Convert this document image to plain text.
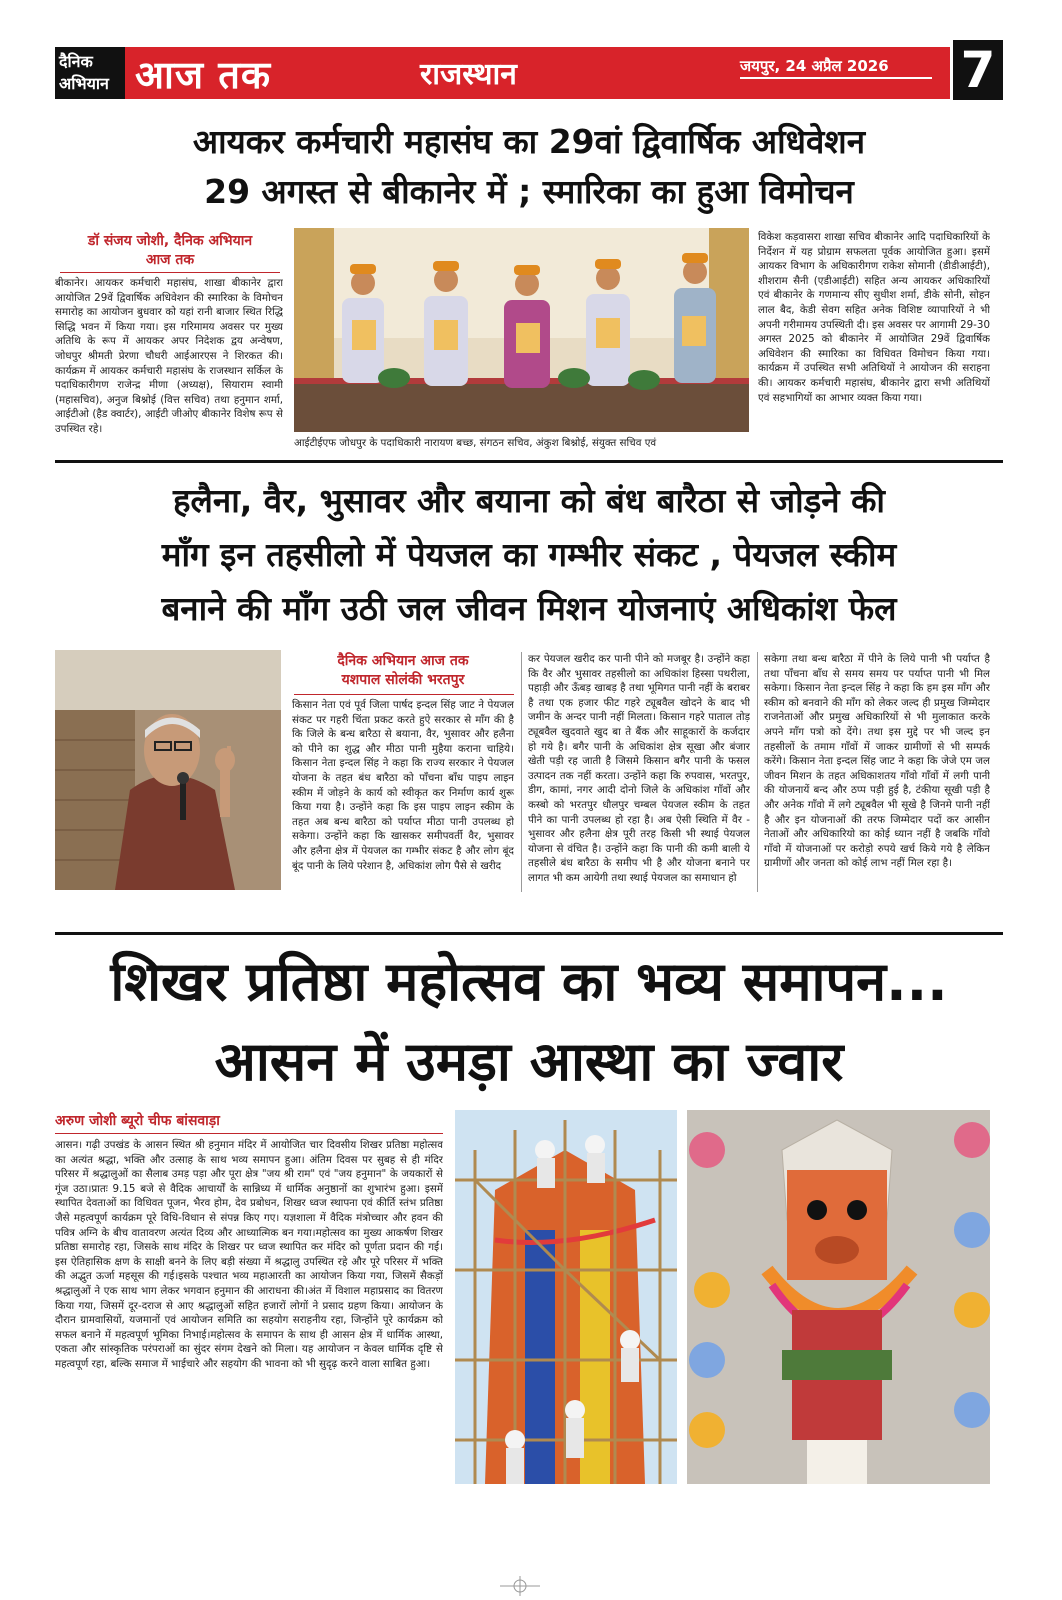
दैनिक
अभियान आज तक	राजस्थान	जयपुर, 24 अप्रैल 2026 7
आयकर कर्मचारी महासंघ का 29वां द्विवार्षिक अधिवेशन
29 अगस्त से बीकानेर में ; स्मारिका का हुआ विमोचन
डॉ संजय जोशी, दैनिक अभियान
आज तक
बीकानेर। आयकर कर्मचारी महासंघ, शाखा बीकानेर द्वारा आयोजित 29वें द्विवार्षिक अधिवेशन की स्मारिका के विमोचन समारोह का आयोजन बुधवार को यहां रानी बाजार स्थित रिद्धि सिद्धि भवन में किया गया। इस गरिमामय अवसर पर मुख्य अतिथि के रूप में आयकर अपर निदेशक द्वय अन्वेषण, जोधपुर श्रीमती प्रेरणा चौधरी आईआरएस ने शिरकत की। कार्यक्रम में आयकर कर्मचारी महासंघ के राजस्थान सर्किल के पदाधिकारीगण राजेन्द्र मीणा (अध्यक्ष), सियाराम स्वामी (महासचिव), अनुज बिश्नोई (वित्त सचिव) तथा हनुमान शर्मा, आईटीओ (हैड क्वार्टर), आईटी जीओए बीकानेर विशेष रूप से उपस्थित रहे।
आईटीईएफ जोधपुर के पदाधिकारी नारायण बच्छ, संगठन सचिव, अंकुश बिश्नोई, संयुक्त सचिव एवं
विकेश कड़वासरा शाखा सचिव बीकानेर आदि पदाधिकारियों के निर्देशन में यह प्रोग्राम सफलता पूर्वक आयोजित हुआ। इसमें आयकर विभाग के अधिकारीगण राकेश सोमानी (डीडीआईटी), शीशराम सैनी (एडीआईटी) सहित अन्य आयकर अधिकारियों एवं बीकानेर के गणमान्य सीए सुधीश शर्मा, डीके सोनी, सोहन लाल बैद, केडी सेवग सहित अनेक विशिष्ट व्यापारियों ने भी अपनी गरीमामय उपस्थिती दी। इस अवसर पर आगामी 29-30 अगस्त 2025 को बीकानेर में आयोजित 29वें द्विवार्षिक अधिवेशन की स्मारिका का विधिवत विमोचन किया गया। कार्यक्रम में उपस्थित सभी अतिथियों ने आयोजन की सराहना की। आयकर कर्मचारी महासंघ, बीकानेर द्वारा सभी अतिथियों एवं सहभागियों का आभार व्यक्त किया गया।
हलैना, वैर, भुसावर और बयाना को बंध बारैठा से जोड़ने की
माँग इन तहसीलो में पेयजल का गम्भीर संकट , पेयजल स्कीम
बनाने की माँग उठी जल जीवन मिशन योजनाएं अधिकांश फेल
दैनिक अभियान आज तक
यशपाल सोलंकी भरतपुर
किसान नेता एवं पूर्व जिला पार्षद इन्दल सिंह जाट ने पेयजल संकट पर गहरी चिंता प्रकट करते हुऐ सरकार से माँग की है कि जिले के बन्ध बारैठा से बयाना, वैर, भुसावर और हलैना को पीने का शुद्ध और मीठा पानी मुहैया कराना चाहिये। किसान नेता इन्दल सिंह ने कहा कि राज्य सरकार ने पेयजल योजना के तहत बंध बारैठा को पाँचना बाँध पाइप लाइन स्कीम में जोड़ने के कार्य को स्वीकृत कर निर्माण कार्य शुरू किया गया है। उन्होंने कहा कि इस पाइप लाइन स्कीम के तहत अब बन्ध बारैठा को पर्याप्त मीठा पानी उपलब्ध हो सकेगा। उन्होंने कहा कि खासकर समीपवर्ती वैर, भुसावर और हलैना क्षेत्र में पेयजल का गम्भीर संकट है और लोग बूंद बूंद पानी के लिये परेशान है, अधिकांश लोग पैसे से खरीद
कर पेयजल खरीद कर पानी पीने को मजबूर है। उन्होंने कहा कि वैर और भुसावर तहसीलो का अधिकांश हिस्सा पथरीला, पहाड़ी और ऊँबड़ खाबड़ है तथा भूमिगत पानी नहीं के बराबर है तथा एक हजार फीट गहरे ट्यूबवैल खोदने के बाद भी जमीन के अन्दर पानी नहीं मिलता। किसान गहरे पाताल तोड़ ट्यूबवैल खुदवाते खुद बा ते बैंक और साहूकारों के कर्जदार हो गये है। बगैर पानी के अधिकांश क्षेत्र सूखा और बंजार खेती पड़ी रह जाती है जिसमे किसान बगैर पानी के फसल उत्पादन तक नहीं करता। उन्होंने कहा कि रुपवास, भरतपुर, डीग, कामां, नगर आदी दोनो जिले के अधिकांश गाँवों और कस्बो को भरतपुर धौलपुर चम्बल पेयजल स्कीम के तहत पीने का पानी उपलब्ध हो रहा है। अब ऐसी स्थिति में वैर - भुसावर और हलैना क्षेत्र पूरी तरह किसी भी स्थाई पेयजल योजना से वंचित है। उन्होंने कहा कि पानी की कमी बाली ये तहसीले बंध बारैठा के समीप भी है और योजना बनाने पर लागत भी कम आयेगी तथा स्थाई पेयजल का समाधान हो
सकेगा तथा बन्ध बारैठा में पीने के लिये पानी भी पर्याप्त है तथा पाँचना बाँध से समय समय पर पर्याप्त पानी भी मिल सकेगा। किसान नेता इन्दल सिंह ने कहा कि हम इस माँग और स्कीम को बनवाने की माँग को लेकर जल्द ही प्रमुख जिम्मेदार राजनेताओं और प्रमुख अधिकारियों से भी मुलाकात करके अपने माँग पत्रो को देंगे। तथा इस मुद्दे पर भी जल्द इन तहसीलों के तमाम गाँवों में जाकर ग्रामीणों से भी सम्पर्क करेंगे। किसान नेता इन्दल सिंह जाट ने कहा कि जेजे एम जल जीवन मिशन के तहत अधिकाशतय गाँवो गाँवों में लगी पानी की योजनायें बन्द और ठप्प पड़ी हुई है, टंकीया सूखी पड़ी है और अनेक गाँवो में लगे ट्यूबवैल भी सूखे है जिनमे पानी नहीं है और इन योजनाओं की तरफ जिम्मेदार पदों कर आसीन नेताओं और अधिकारियो का कोई ध्यान नहीं है जबकि गाँवो गाँवो में योजनाओं पर करोड़ो रुपये खर्च किये गये है लेकिन ग्रामीणों और जनता को कोई लाभ नहीं मिल रहा है।
शिखर प्रतिष्ठा महोत्सव का भव्य समापन...
आसन में उमड़ा आस्था का ज्वार
अरुण जोशी ब्यूरो चीफ बांसवाड़ा
आसन। गढ़ी उपखंड के आसन स्थित श्री हनुमान मंदिर में आयोजित चार दिवसीय शिखर प्रतिष्ठा महोत्सव का अत्यंत श्रद्धा, भक्ति और उत्साह के साथ भव्य समापन हुआ। अंतिम दिवस पर सुबह से ही मंदिर परिसर में श्रद्धालुओं का सैलाब उमड़ पड़ा और पूरा क्षेत्र "जय श्री राम" एवं "जय हनुमान" के जयकारों से गूंज उठा।प्रातः 9.15 बजे से वैदिक आचार्यों के सान्निध्य में धार्मिक अनुष्ठानों का शुभारंभ हुआ। इसमें स्थापित देवताओं का विधिवत पूजन, भैरव होम, देव प्रबोधन, शिखर ध्वज स्थापना एवं कीर्ति स्तंभ प्रतिष्ठा जैसे महत्वपूर्ण कार्यक्रम पूरे विधि-विधान से संपन्न किए गए। यज्ञशाला में वैदिक मंत्रोच्चार और हवन की पवित्र अग्नि के बीच वातावरण अत्यंत दिव्य और आध्यात्मिक बन गया।महोत्सव का मुख्य आकर्षण शिखर प्रतिष्ठा समारोह रहा, जिसके साथ मंदिर के शिखर पर ध्वज स्थापित कर मंदिर को पूर्णता प्रदान की गई। इस ऐतिहासिक क्षण के साक्षी बनने के लिए बड़ी संख्या में श्रद्धालु उपस्थित रहे और पूरे परिसर में भक्ति की अद्भुत ऊर्जा महसूस की गई।इसके पश्चात भव्य महाआरती का आयोजन किया गया, जिसमें सैकड़ों श्रद्धालुओं ने एक साथ भाग लेकर भगवान हनुमान की आराधना की।अंत में विशाल महाप्रसाद का वितरण किया गया, जिसमें दूर-दराज से आए श्रद्धालुओं सहित हजारों लोगों ने प्रसाद ग्रहण किया। आयोजन के दौरान ग्रामवासियों, यजमानों एवं आयोजन समिति का सहयोग सराहनीय रहा, जिन्होंने पूरे कार्यक्रम को सफल बनाने में महत्वपूर्ण भूमिका निभाई।महोत्सव के समापन के साथ ही आसन क्षेत्र में धार्मिक आस्था, एकता और सांस्कृतिक परंपराओं का सुंदर संगम देखने को मिला। यह आयोजन न केवल धार्मिक दृष्टि से महत्वपूर्ण रहा, बल्कि समाज में भाईचारे और सहयोग की भावना को भी सुदृढ़ करने वाला साबित हुआ।
